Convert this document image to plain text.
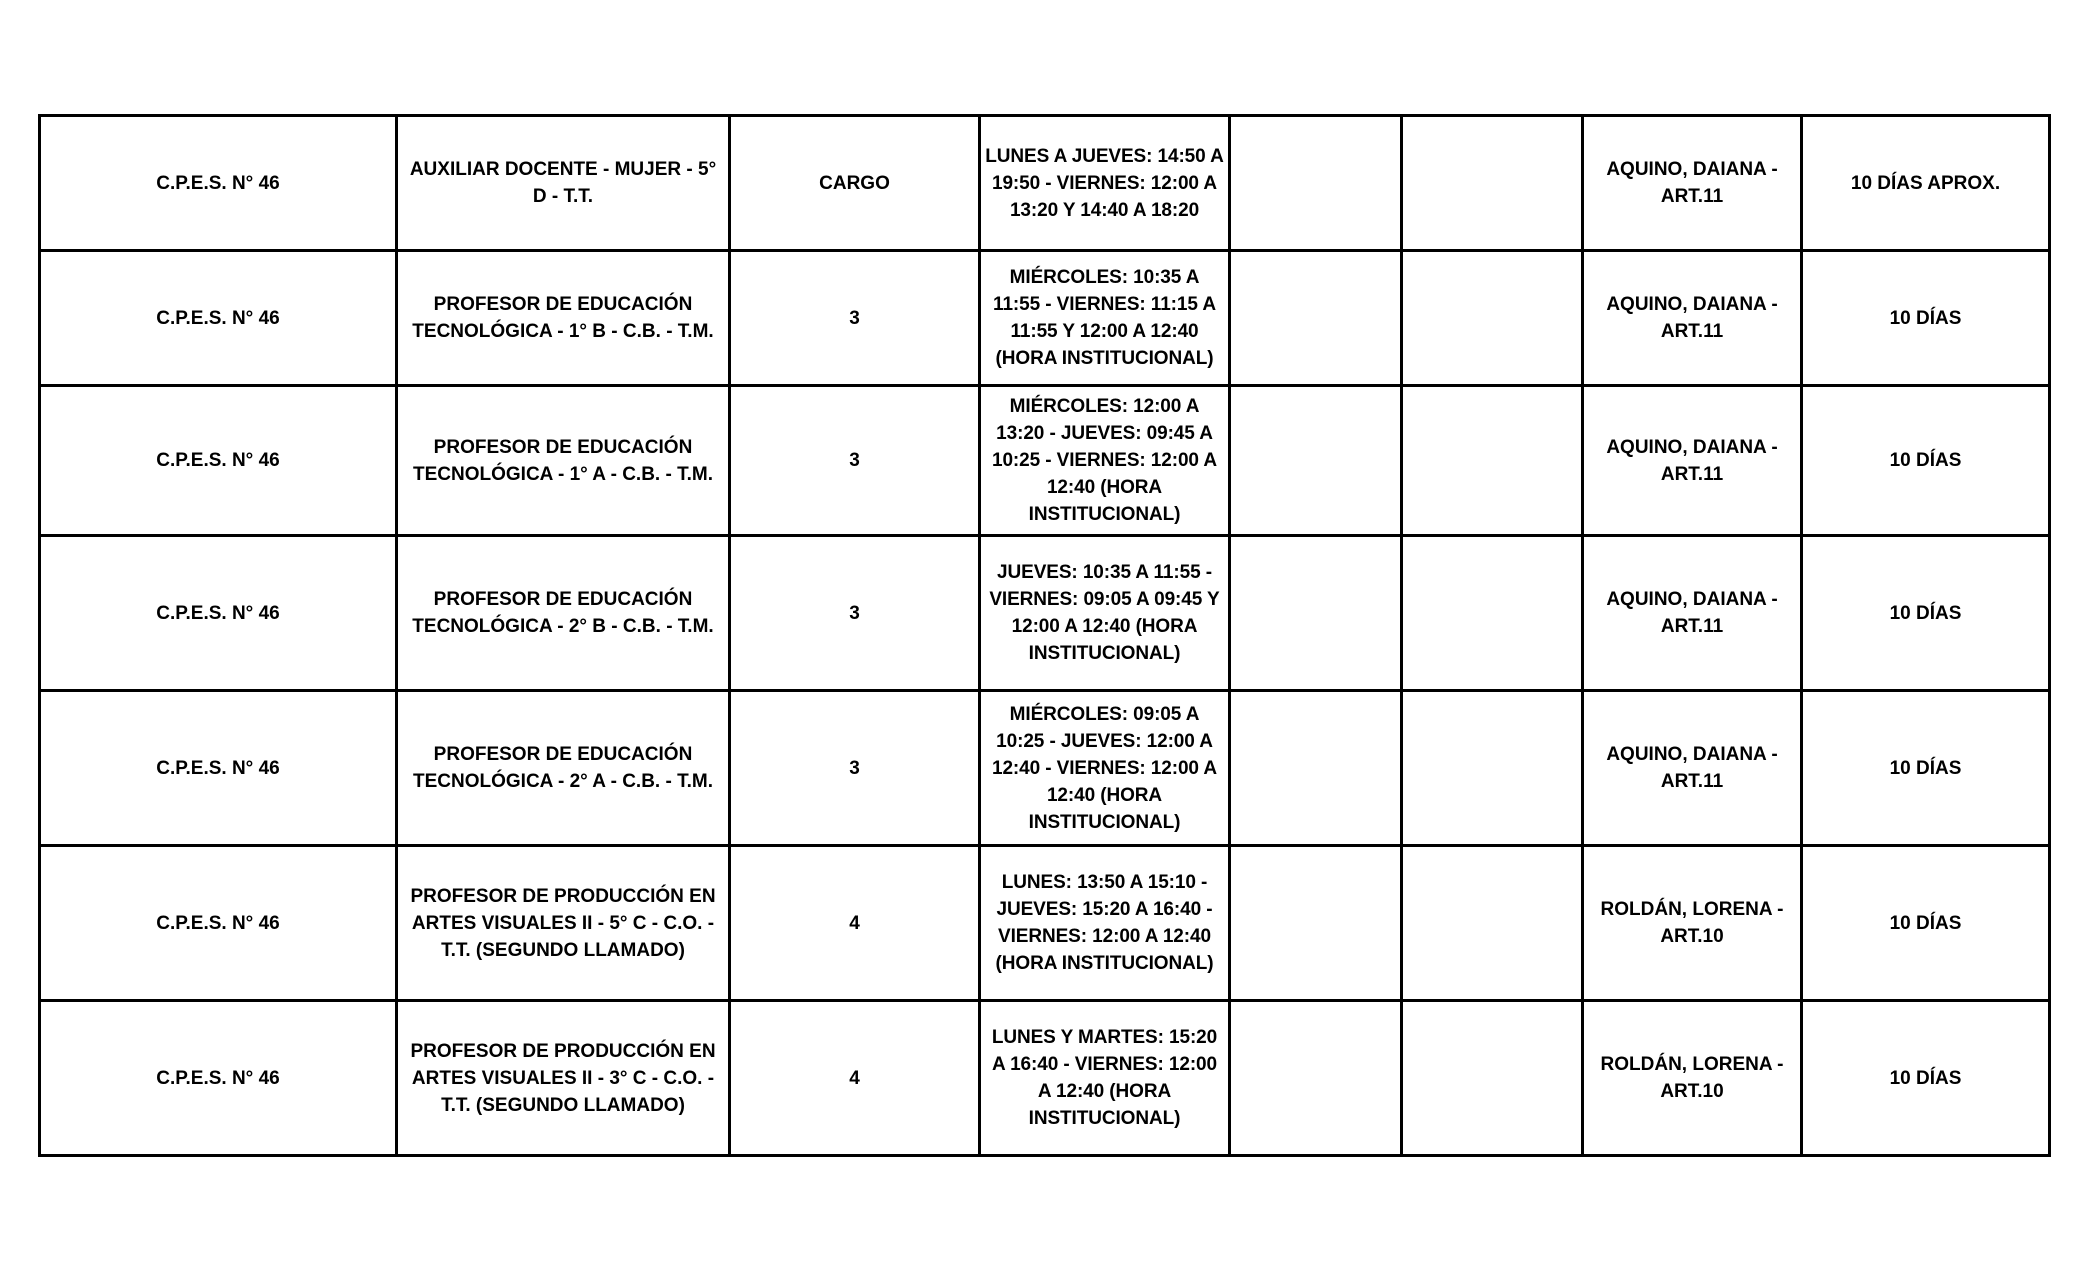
C.P.E.S. N° 46	AUXILIAR DOCENTE - MUJER - 5° D - T.T.	CARGO	LUNES A JUEVES: 14:50 A 19:50 - VIERNES: 12:00 A 13:20 Y 14:40 A 18:20			AQUINO, DAIANA - ART.11	10 DÍAS APROX.
C.P.E.S. N° 46	PROFESOR DE EDUCACIÓN TECNOLÓGICA - 1° B - C.B. - T.M.	3	MIÉRCOLES: 10:35 A 11:55 - VIERNES: 11:15 A 11:55 Y 12:00 A 12:40 (HORA INSTITUCIONAL)			AQUINO, DAIANA - ART.11	10 DÍAS
C.P.E.S. N° 46	PROFESOR DE EDUCACIÓN TECNOLÓGICA - 1° A - C.B. - T.M.	3	MIÉRCOLES: 12:00 A 13:20 - JUEVES: 09:45 A 10:25 - VIERNES: 12:00 A 12:40 (HORA INSTITUCIONAL)			AQUINO, DAIANA - ART.11	10 DÍAS
C.P.E.S. N° 46	PROFESOR DE EDUCACIÓN TECNOLÓGICA - 2° B - C.B. - T.M.	3	JUEVES: 10:35 A 11:55 - VIERNES: 09:05 A 09:45 Y 12:00 A 12:40 (HORA INSTITUCIONAL)			AQUINO, DAIANA - ART.11	10 DÍAS
C.P.E.S. N° 46	PROFESOR DE EDUCACIÓN TECNOLÓGICA - 2° A - C.B. - T.M.	3	MIÉRCOLES: 09:05 A 10:25 - JUEVES: 12:00 A 12:40 - VIERNES: 12:00 A 12:40 (HORA INSTITUCIONAL)			AQUINO, DAIANA - ART.11	10 DÍAS
C.P.E.S. N° 46	PROFESOR DE PRODUCCIÓN EN ARTES VISUALES II - 5° C - C.O. - T.T. (SEGUNDO LLAMADO)	4	LUNES: 13:50 A 15:10 - JUEVES: 15:20 A 16:40 - VIERNES: 12:00 A 12:40 (HORA INSTITUCIONAL)			ROLDÁN, LORENA - ART.10	10 DÍAS
C.P.E.S. N° 46	PROFESOR DE PRODUCCIÓN EN ARTES VISUALES II - 3° C - C.O. - T.T. (SEGUNDO LLAMADO)	4	LUNES Y MARTES: 15:20 A 16:40 - VIERNES: 12:00 A 12:40 (HORA INSTITUCIONAL)			ROLDÁN, LORENA - ART.10	10 DÍAS
